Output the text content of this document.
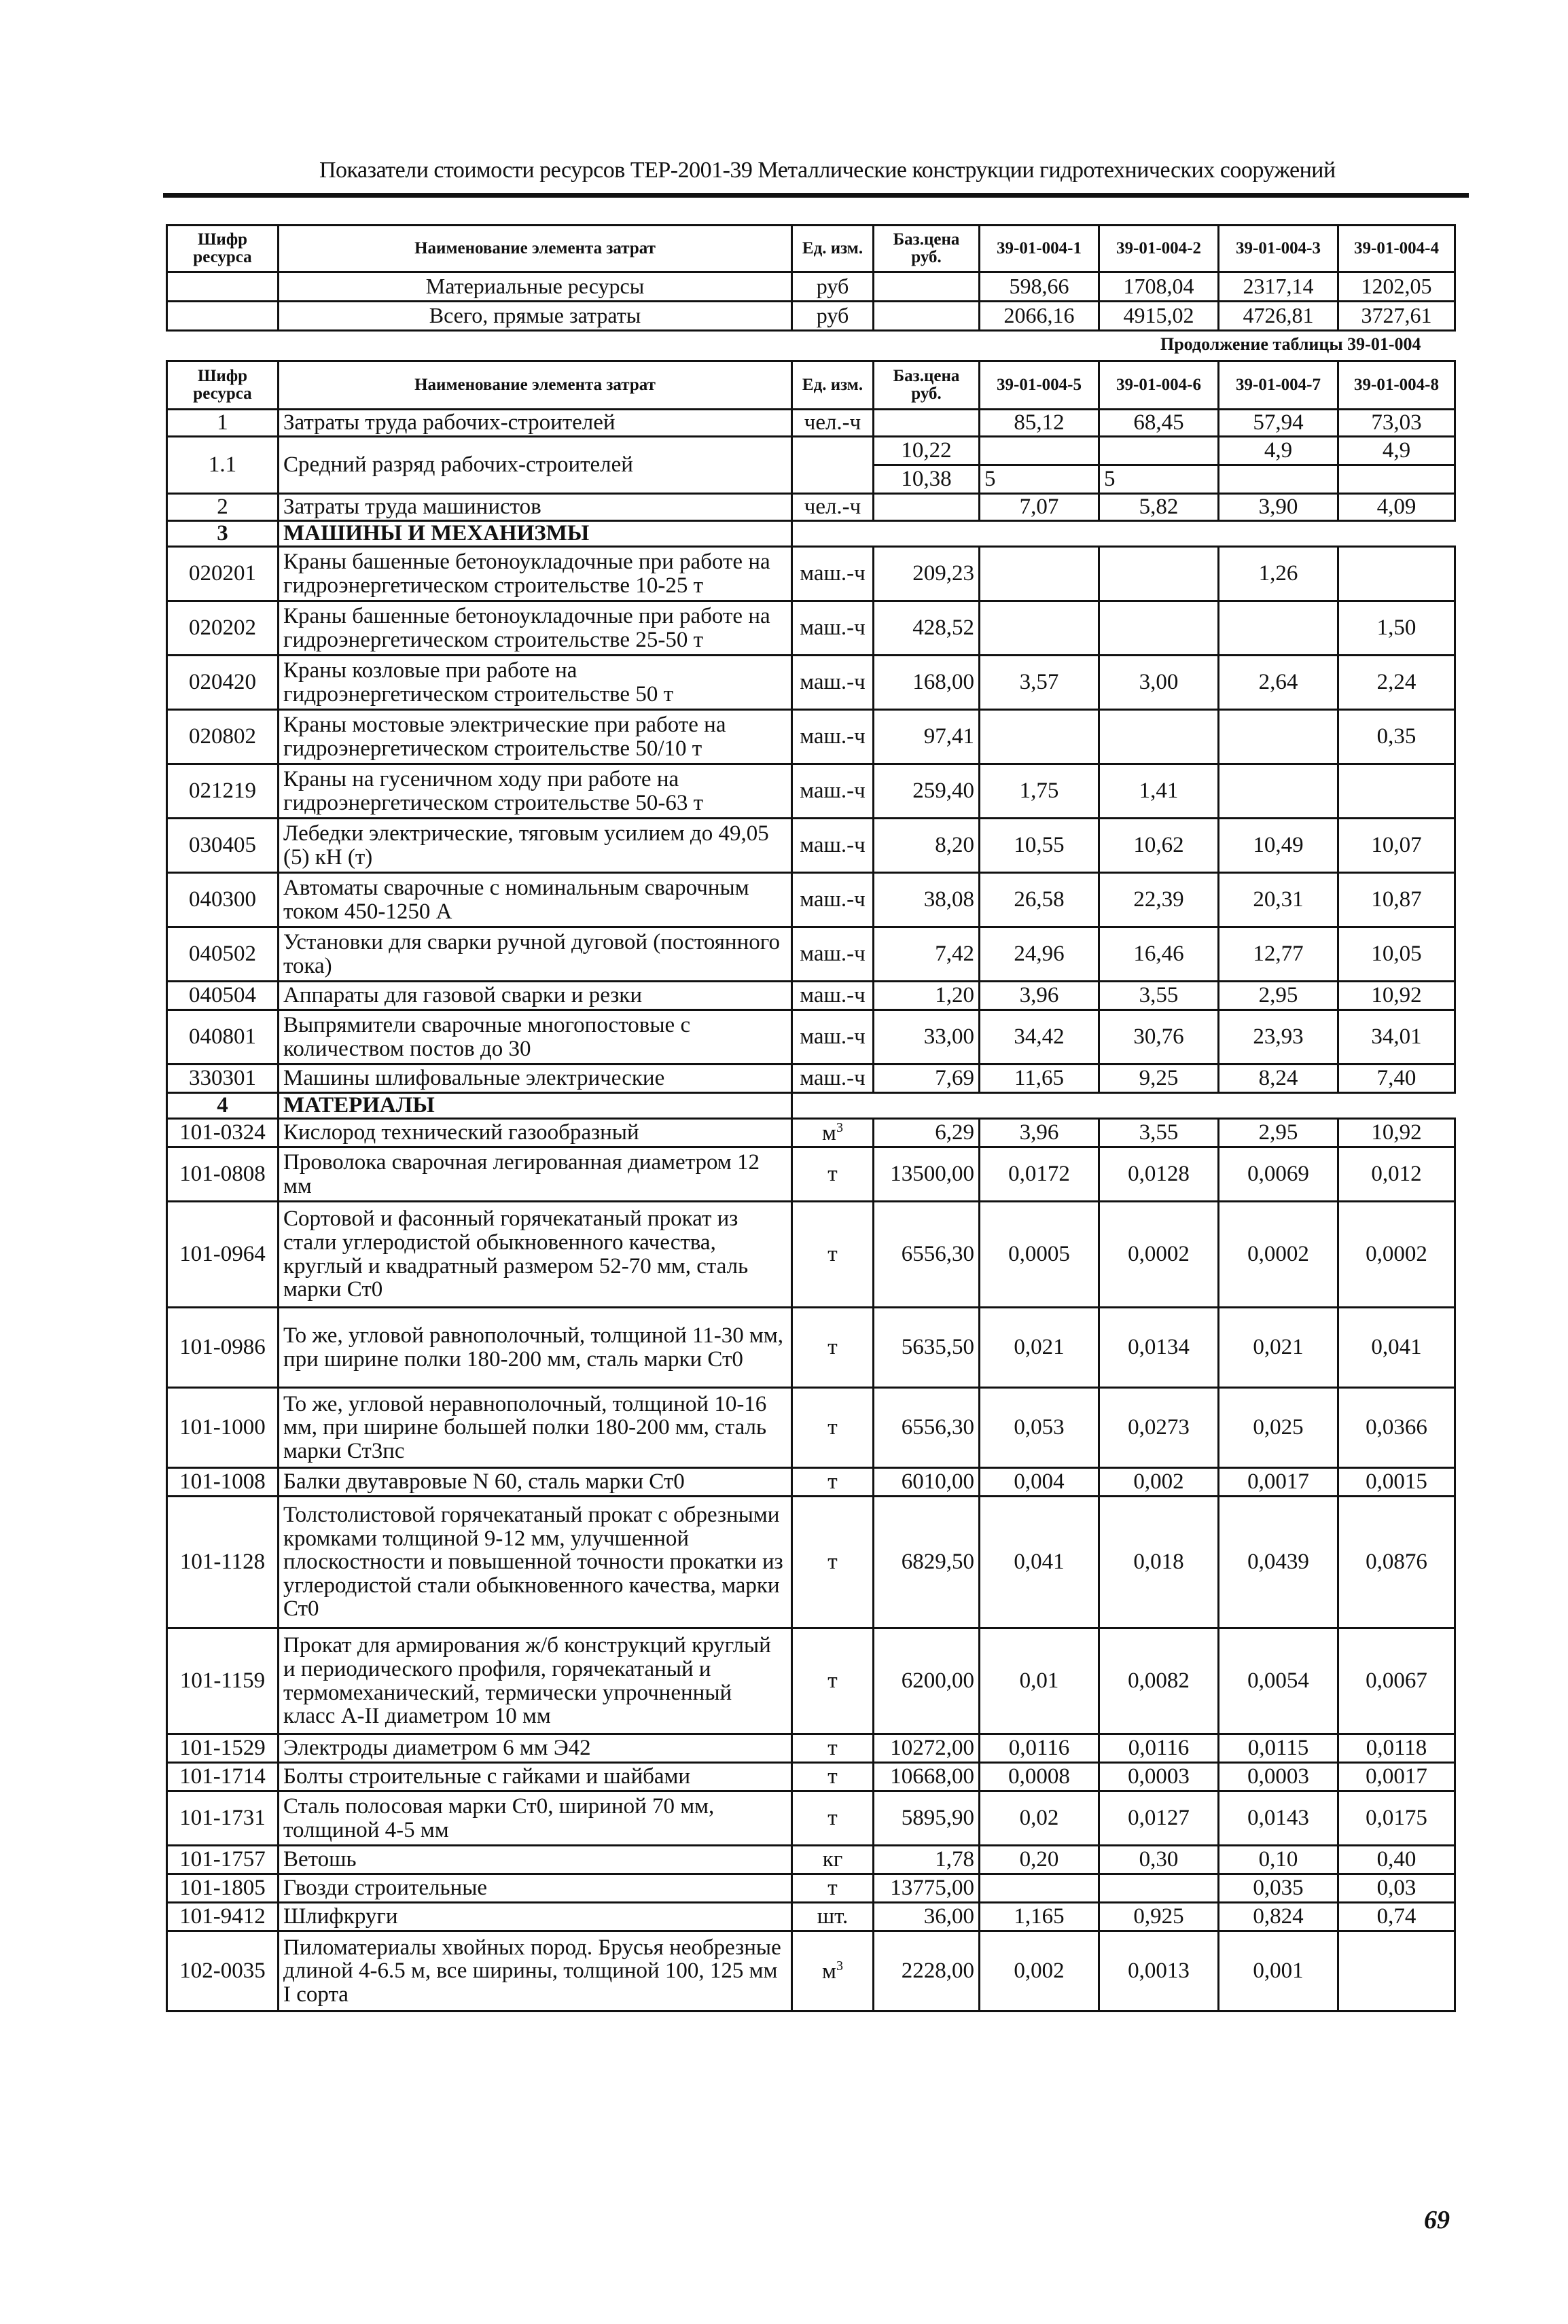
Показатели стоимости ресурсов ТЕР-2001-39 Металлические конструкции гидротехнических сооружений
Шифр ресурса	Наименование элемента затрат	Ед. изм.	Баз.цена руб.	39-01-004-1	39-01-004-2	39-01-004-3	39-01-004-4
	Материальные ресурсы	руб		598,66	1708,04	2317,14	1202,05
	Всего, прямые затраты	руб		2066,16	4915,02	4726,81	3727,61
Продолжение таблицы 39-01-004
Шифр ресурса	Наименование элемента затрат	Ед. изм.	Баз.цена руб.	39-01-004-5	39-01-004-6	39-01-004-7	39-01-004-8
1	Затраты труда рабочих-строителей	чел.-ч		85,12	68,45	57,94	73,03
1.1	Средний разряд рабочих-строителей		10,22			4,9	4,9
			10,38	5	5		
2	Затраты труда машинистов	чел.-ч		7,07	5,82	3,90	4,09
3	МАШИНЫ И МЕХАНИЗМЫ						
020201	Краны башенные бетоноукладочные при работе на гидроэнергетическом строительстве 10-25 т	маш.-ч	209,23			1,26	
020202	Краны башенные бетоноукладочные при работе на гидроэнергетическом строительстве 25-50 т	маш.-ч	428,52				1,50
020420	Краны козловые при работе на гидроэнергетическом строительстве 50 т	маш.-ч	168,00	3,57	3,00	2,64	2,24
020802	Краны мостовые электрические при работе на гидроэнергетическом строительстве 50/10 т	маш.-ч	97,41				0,35
021219	Краны на гусеничном ходу при работе на гидроэнергетическом строительстве 50-63 т	маш.-ч	259,40	1,75	1,41		
030405	Лебедки электрические, тяговым усилием до 49,05 (5) кН (т)	маш.-ч	8,20	10,55	10,62	10,49	10,07
040300	Автоматы сварочные с номинальным сварочным током 450-1250 А	маш.-ч	38,08	26,58	22,39	20,31	10,87
040502	Установки для сварки ручной дуговой (постоянного тока)	маш.-ч	7,42	24,96	16,46	12,77	10,05
040504	Аппараты для газовой сварки и резки	маш.-ч	1,20	3,96	3,55	2,95	10,92
040801	Выпрямители сварочные многопостовые с количеством постов до 30	маш.-ч	33,00	34,42	30,76	23,93	34,01
330301	Машины шлифовальные электрические	маш.-ч	7,69	11,65	9,25	8,24	7,40
4	МАТЕРИАЛЫ						
101-0324	Кислород технический газообразный	$м^3$	6,29	3,96	3,55	2,95	10,92
101-0808	Проволока сварочная легированная диаметром 12 мм	т	13500,00	0,0172	0,0128	0,0069	0,012
101-0964	Сортовой и фасонный горячекатаный прокат из стали углеродистой обыкновенного качества, круглый и квадратный размером 52-70 мм, сталь марки Ст0	т	6556,30	0,0005	0,0002	0,0002	0,0002
101-0986	То же, угловой равнополочный, толщиной 11-30 мм, при ширине полки 180-200 мм, сталь марки Ст0	т	5635,50	0,021	0,0134	0,021	0,041
101-1000	То же, угловой неравнополочный, толщиной 10-16 мм, при ширине большей полки 180-200 мм, сталь марки Ст3пс	т	6556,30	0,053	0,0273	0,025	0,0366
101-1008	Балки двутавровые N 60, сталь марки Ст0	т	6010,00	0,004	0,002	0,0017	0,0015
101-1128	Толстолистовой горячекатаный прокат с обрезными кромками толщиной 9-12 мм, улучшенной плоскостности и повышенной точности прокатки из углеродистой стали обыкновенного качества, марки Ст0	т	6829,50	0,041	0,018	0,0439	0,0876
101-1159	Прокат для армирования ж/б конструкций круглый и периодического профиля, горячекатаный и термомеханический, термически упрочненный класс А-II диаметром 10 мм	т	6200,00	0,01	0,0082	0,0054	0,0067
101-1529	Электроды диаметром 6 мм Э42	т	10272,00	0,0116	0,0116	0,0115	0,0118
101-1714	Болты строительные с гайками и шайбами	т	10668,00	0,0008	0,0003	0,0003	0,0017
101-1731	Сталь полосовая марки Ст0, шириной 70 мм, толщиной 4-5 мм	т	5895,90	0,02	0,0127	0,0143	0,0175
101-1757	Ветошь	кг	1,78	0,20	0,30	0,10	0,40
101-1805	Гвозди строительные	т	13775,00			0,035	0,03
101-9412	Шлифкруги	шт.	36,00	1,165	0,925	0,824	0,74
102-0035	Пиломатериалы хвойных пород. Брусья необрезные длиной 4-6.5 м, все ширины, толщиной 100, 125 мм I сорта	$м^3$	2228,00	0,002	0,0013	0,001	
69
